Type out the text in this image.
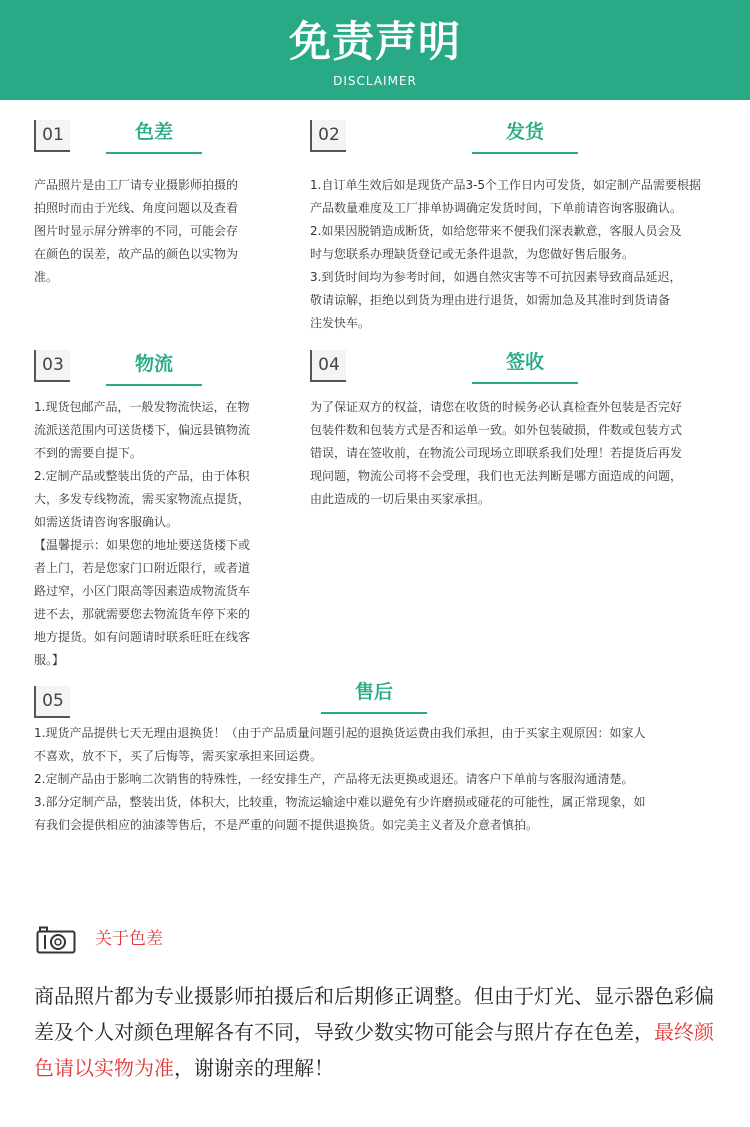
免责声明
DISCLAIMER
01	色差

产品照片是由工厂请专业摄影师拍摄的

拍照时而由于光线、角度问题以及查看

图片时显示屏分辨率的不同，可能会存

在颜色的误差，故产品的颜色以实物为

准。

02	发货

1.自订单生效后如是现货产品3-5个工作日内可发货，如定制产品需要根据

产品数量难度及工厂排单协调确定发货时间，下单前请咨询客服确认。

2.如果因脱销造成断货，如给您带来不便我们深表歉意，客服人员会及

时与您联系办理缺货登记或无条件退款，为您做好售后服务。

3.到货时间均为参考时间，如遇自然灾害等不可抗因素导致商品延迟，

敬请谅解，拒绝以到货为理由进行退货，如需加急及其准时到货请备

注发快车。

03	物流

1.现货包邮产品，一般发物流快运，在物

流派送范围内可送货楼下，偏远县镇物流

不到的需要自提下。

2.定制产品或整装出货的产品，由于体积

大，多发专线物流，需买家物流点提货，

如需送货请咨询客服确认。

【温馨提示：如果您的地址要送货楼下或

者上门，若是您家门口附近限行，或者道

路过窄，小区门限高等因素造成物流货车

进不去，那就需要您去物流货车停下来的

地方提货。如有问题请时联系旺旺在线客

服。】

04	签收

为了保证双方的权益，请您在收货的时候务必认真检查外包装是否完好

包装件数和包装方式是否和运单一致。如外包装破损，件数或包装方式

错误，请在签收前，在物流公司现场立即联系我们处理！若提货后再发

现问题，物流公司将不会受理，我们也无法判断是哪方面造成的问题，

由此造成的一切后果由买家承担。

05	售后

1.现货产品提供七天无理由退换货！（由于产品质量问题引起的退换货运费由我们承担，由于买家主观原因：如家人

不喜欢，放不下，买了后悔等，需买家承担来回运费。

2.定制产品由于影响二次销售的特殊性，一经安排生产，产品将无法更换或退还。请客户下单前与客服沟通清楚。

3.部分定制产品，整装出货，体积大，比较重，物流运输途中难以避免有少许磨损或碰花的可能性，属正常现象，如

有我们会提供相应的油漆等售后，不是严重的问题不提供退换货。如完美主义者及介意者慎拍。

关于色差
商品照片都为专业摄影师拍摄后和后期修正调整。但由于灯光、显示器色彩偏差及个人对颜色理解各有不同，导致少数实物可能会与照片存在色差，最终颜色请以实物为准，谢谢亲的理解！
